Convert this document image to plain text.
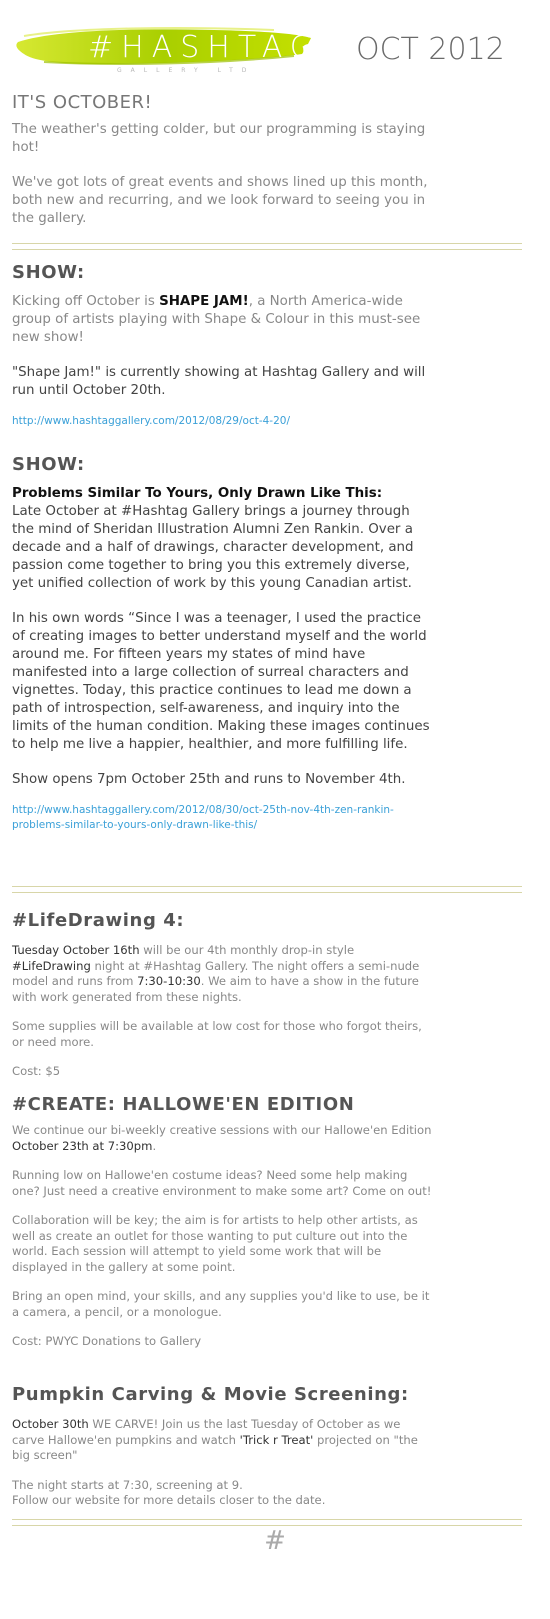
#HASHTAG
GALLERY LTD
OCT 2012
IT'S OCTOBER!

The weather's getting colder, but our programming is staying hot!

We've got lots of great events and shows lined up this month, both new and recurring, and we look forward to seeing you in the gallery.

SHOW:

Kicking off October is SHAPE JAM!, a North America-wide group of artists playing with Shape & Colour in this must-see new show!

"Shape Jam!" is currently showing at Hashtag Gallery and will run until October 20th.

http://www.hashtaggallery.com/2012/08/29/oct-4-20/
SHOW:

Problems Similar To Yours, Only Drawn Like This:

Late October at #Hashtag Gallery brings a journey through the mind of Sheridan Illustration Alumni Zen Rankin. Over a decade and a half of drawings, character development, and passion come together to bring you this extremely diverse, yet unified collection of work by this young Canadian artist.

In his own words “Since I was a teenager, I used the practice of creating images to better understand myself and the world around me. For fifteen years my states of mind have manifested into a large collection of surreal characters and vignettes. Today, this practice continues to lead me down a path of introspection, self-awareness, and inquiry into the limits of the human condition. Making these images continues to help me live a happier, healthier, and more fulfilling life.

Show opens 7pm October 25th and runs to November 4th.

http://www.hashtaggallery.com/2012/08/30/oct-25th-nov-4th-zen-rankin-problems-similar-to-yours-only-drawn-like-this/
#LifeDrawing 4:

Tuesday October 16th will be our 4th monthly drop-in style #LifeDrawing night at #Hashtag Gallery. The night offers a semi-nude model and runs from 7:30-10:30. We aim to have a show in the future with work generated from these nights.

Some supplies will be available at low cost for those who forgot theirs, or need more.

Cost: $5

#CREATE: HALLOWE'EN EDITION

We continue our bi-weekly creative sessions with our Hallowe'en Edition October 23th at 7:30pm.

Running low on Hallowe'en costume ideas? Need some help making one? Just need a creative environment to make some art? Come on out!

Collaboration will be key; the aim is for artists to help other artists, as well as create an outlet for those wanting to put culture out into the world. Each session will attempt to yield some work that will be displayed in the gallery at some point.

Bring an open mind, your skills, and any supplies you'd like to use, be it a camera, a pencil, or a monologue.

Cost: PWYC Donations to Gallery

Pumpkin Carving & Movie Screening:

October 30th WE CARVE! Join us the last Tuesday of October as we carve Hallowe'en pumpkins and watch 'Trick r Treat' projected on "the big screen"

The night starts at 7:30, screening at 9.

Follow our website for more details closer to the date.

#
